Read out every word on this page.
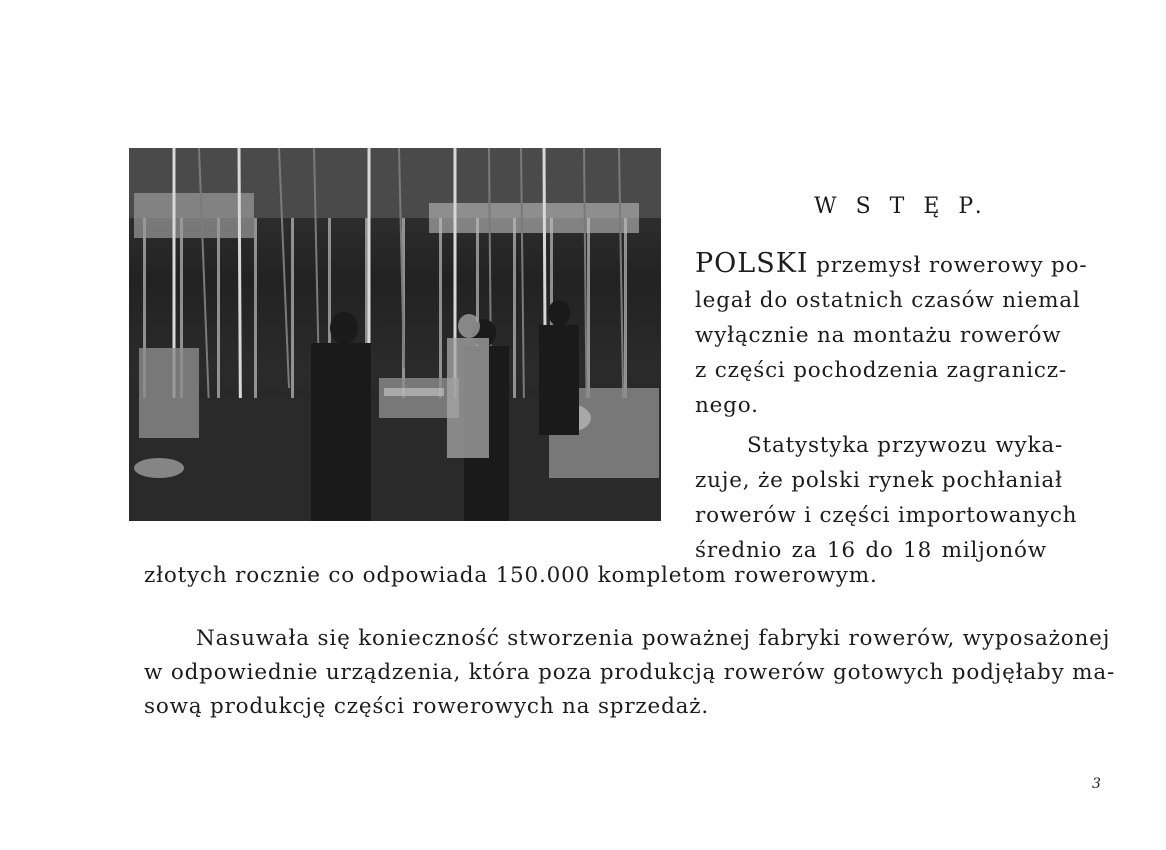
W S T Ę P.

POLSKI przemysł rowerowy po-

legał do ostatnich czasów niemal

wyłącznie na montażu rowerów

z części pochodzenia zagranicz-

nego.

Statystyka przywozu wyka-

zuje, że polski rynek pochłaniał

rowerów i części importowanych

średnio za 16 do 18 miljonów

złotych rocznie co odpowiada 150.000 kompletom rowerowym.

Nasuwała się konieczność stworzenia poważnej fabryki rowerów, wyposażonej

w odpowiednie urządzenia, która poza produkcją rowerów gotowych podjęłaby ma-

sową produkcję części rowerowych na sprzedaż.

3
